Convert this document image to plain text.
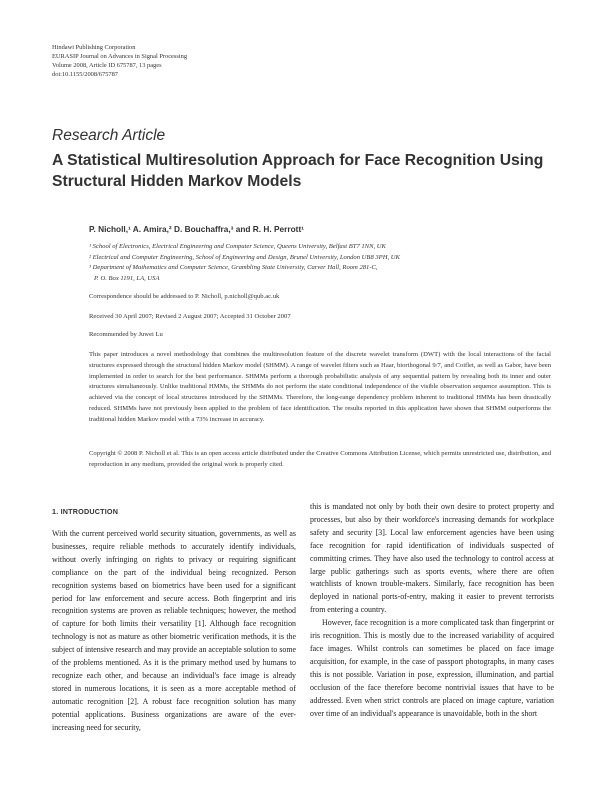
Hindawi Publishing Corporation
EURASIP Journal on Advances in Signal Processing
Volume 2008, Article ID 675787, 13 pages
doi:10.1155/2008/675787
Research Article
A Statistical Multiresolution Approach for Face Recognition Using Structural Hidden Markov Models
P. Nicholl,¹ A. Amira,² D. Bouchaffra,³ and R. H. Perrott¹
¹ School of Electronics, Electrical Engineering and Computer Science, Queens University, Belfast BT7 1NN, UK
² Electrical and Computer Engineering, School of Engineering and Design, Brunel University, London UB8 3PH, UK
³ Department of Mathematics and Computer Science, Grambling State University, Carver Hall, Room 281-C,
P. O. Box 1191, LA, USA
Correspondence should be addressed to P. Nicholl, p.nicholl@qub.ac.uk
Received 30 April 2007; Revised 2 August 2007; Accepted 31 October 2007
Recommended by Juwei Lu
This paper introduces a novel methodology that combines the multiresolution feature of the discrete wavelet transform (DWT) with the local interactions of the facial structures expressed through the structural hidden Markov model (SHMM). A range of wavelet filters such as Haar, biorthogonal 9/7, and Coiflet, as well as Gabor, have been implemented in order to search for the best performance. SHMMs perform a thorough probabilistic analysis of any sequential pattern by revealing both its inner and outer structures simultaneously. Unlike traditional HMMs, the SHMMs do not perform the state conditional independence of the visible observation sequence assumption. This is achieved via the concept of local structures introduced by the SHMMs. Therefore, the long-range dependency problem inherent to traditional HMMs has been drastically reduced. SHMMs have not previously been applied to the problem of face identification. The results reported in this application have shown that SHMM outperforms the traditional hidden Markov model with a 73% increase in accuracy.
Copyright © 2008 P. Nicholl et al. This is an open access article distributed under the Creative Commons Attribution License, which permits unrestricted use, distribution, and reproduction in any medium, provided the original work is properly cited.
1. INTRODUCTION

With the current perceived world security situation, governments, as well as businesses, require reliable methods to accurately identify individuals, without overly infringing on rights to privacy or requiring significant compliance on the part of the individual being recognized. Person recognition systems based on biometrics have been used for a significant period for law enforcement and secure access. Both fingerprint and iris recognition systems are proven as reliable techniques; however, the method of capture for both limits their versatility [1]. Although face recognition technology is not as mature as other biometric verification methods, it is the subject of intensive research and may provide an acceptable solution to some of the problems mentioned. As it is the primary method used by humans to recognize each other, and because an individual's face image is already stored in numerous locations, it is seen as a more acceptable method of automatic recognition [2]. A robust face recognition solution has many potential applications. Business organizations are aware of the ever-increasing need for security,

this is mandated not only by both their own desire to protect property and processes, but also by their workforce's increasing demands for workplace safety and security [3]. Local law enforcement agencies have been using face recognition for rapid identification of individuals suspected of committing crimes. They have also used the technology to control access at large public gatherings such as sports events, where there are often watchlists of known trouble-makers. Similarly, face recognition has been deployed in national ports-of-entry, making it easier to prevent terrorists from entering a country.

However, face recognition is a more complicated task than fingerprint or iris recognition. This is mostly due to the increased variability of acquired face images. Whilst controls can sometimes be placed on face image acquisition, for example, in the case of passport photographs, in many cases this is not possible. Variation in pose, expression, illumination, and partial occlusion of the face therefore become nontrivial issues that have to be addressed. Even when strict controls are placed on image capture, variation over time of an individual's appearance is unavoidable, both in the short
